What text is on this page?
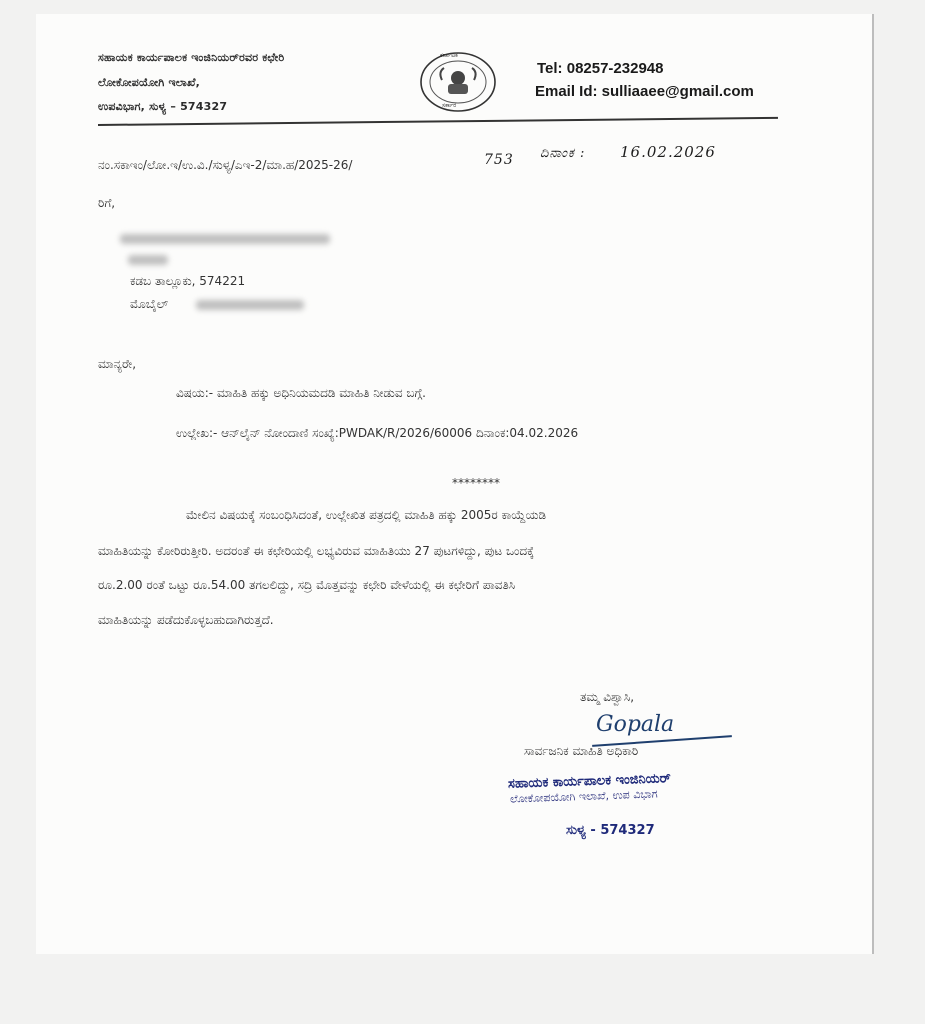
ಸಹಾಯಕ ಕಾರ್ಯಪಾಲಕ ಇಂಜಿನಿಯರ್‌ರವರ ಕಛೇರಿ
ಲೋಕೋಪಯೋಗಿ ಇಲಾಖೆ,
ಉಪವಿಭಾಗ, ಸುಳ್ಯ – 574327
ಕರ್ನಾಟಕ
ಸರ್ಕಾರ
Tel: 08257-232948
Email Id: sulliaaee@gmail.com
ನಂ.ಸಕಾಇಂ/ಲೋ.ಇ/ಉ.ವಿ./ಸುಳ್ಯ/ಎಇ-2/ಮಾ.ಹ/2025-26/	753 ದಿನಾಂಕ : 16.02.2026
ರಿಗೆ,
ಕಡಬ ತಾಲ್ಲೂಕು, 574221
ಮೊಬೈಲ್
ಮಾನ್ಯರೇ,
ವಿಷಯ:- ಮಾಹಿತಿ ಹಕ್ಕು ಅಧಿನಿಯಮದಡಿ ಮಾಹಿತಿ ನೀಡುವ ಬಗ್ಗೆ.
ಉಲ್ಲೇಖ:- ಆನ್‌ಲೈನ್ ನೋಂದಾಣಿ ಸಂಖ್ಯೆ:PWDAK/R/2026/60006 ದಿನಾಂಕ:04.02.2026
********
ಮೇಲಿನ ವಿಷಯಕ್ಕೆ ಸಂಬಂಧಿಸಿದಂತೆ, ಉಲ್ಲೇಖಿತ ಪತ್ರದಲ್ಲಿ ಮಾಹಿತಿ ಹಕ್ಕು 2005ರ ಕಾಯ್ದೆಯಡಿ
ಮಾಹಿತಿಯನ್ನು ಕೋರಿರುತ್ತೀರಿ. ಅದರಂತೆ ಈ ಕಛೇರಿಯಲ್ಲಿ ಲಭ್ಯವಿರುವ ಮಾಹಿತಿಯು 27 ಪುಟಗಳಿದ್ದು, ಪುಟ ಒಂದಕ್ಕೆ
ರೂ.2.00 ರಂತೆ ಒಟ್ಟು ರೂ.54.00 ತಗಲಲಿದ್ದು, ಸದ್ರಿ ಮೊತ್ತವನ್ನು ಕಛೇರಿ ವೇಳೆಯಲ್ಲಿ ಈ ಕಛೇರಿಗೆ ಪಾವತಿಸಿ
ಮಾಹಿತಿಯನ್ನು ಪಡೆದುಕೊಳ್ಳಬಹುದಾಗಿರುತ್ತದೆ.
ತಮ್ಮ ವಿಶ್ವಾಸಿ,
Gopala
ಸಾರ್ವಜನಿಕ ಮಾಹಿತಿ ಅಧಿಕಾರಿ
ಸಹಾಯಕ ಕಾರ್ಯಪಾಲಕ ಇಂಜಿನಿಯರ್
ಲೋಕೋಪಯೋಗಿ ಇಲಾಖೆ, ಉಪ ವಿಭಾಗ
ಸುಳ್ಯ - 574327
